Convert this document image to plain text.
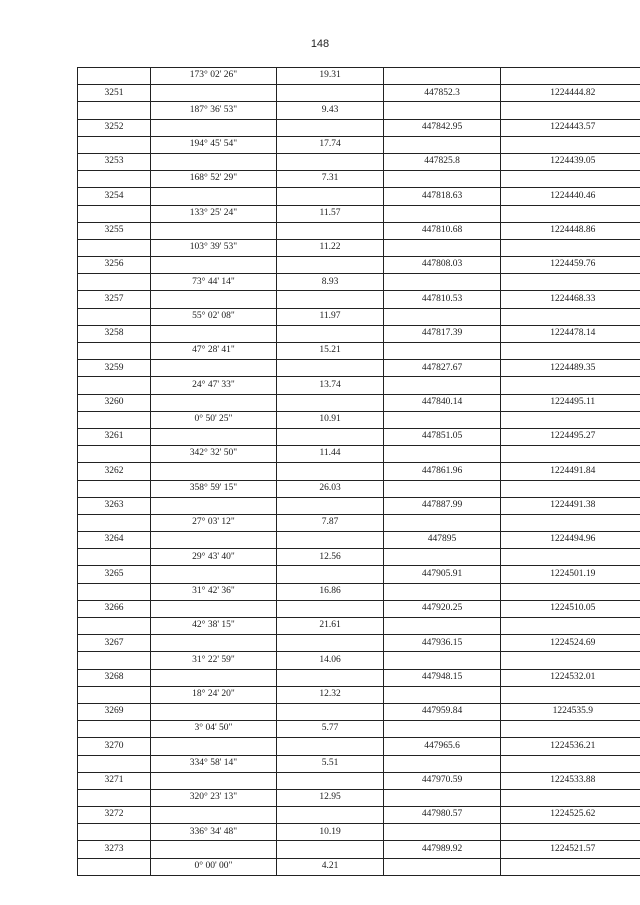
148
	173° 02' 26"	19.31		
3251			447852.3	1224444.82
	187° 36' 53"	9.43		
3252			447842.95	1224443.57
	194° 45' 54"	17.74		
3253			447825.8	1224439.05
	168° 52' 29"	7.31		
3254			447818.63	1224440.46
	133° 25' 24"	11.57		
3255			447810.68	1224448.86
	103° 39' 53"	11.22		
3256			447808.03	1224459.76
	73° 44' 14"	8.93		
3257			447810.53	1224468.33
	55° 02' 08"	11.97		
3258			447817.39	1224478.14
	47° 28' 41"	15.21		
3259			447827.67	1224489.35
	24° 47' 33"	13.74		
3260			447840.14	1224495.11
	0° 50' 25"	10.91		
3261			447851.05	1224495.27
	342° 32' 50"	11.44		
3262			447861.96	1224491.84
	358° 59' 15"	26.03		
3263			447887.99	1224491.38
	27° 03' 12"	7.87		
3264			447895	1224494.96
	29° 43' 40"	12.56		
3265			447905.91	1224501.19
	31° 42' 36"	16.86		
3266			447920.25	1224510.05
	42° 38' 15"	21.61		
3267			447936.15	1224524.69
	31° 22' 59"	14.06		
3268			447948.15	1224532.01
	18° 24' 20"	12.32		
3269			447959.84	1224535.9
	3° 04' 50"	5.77		
3270			447965.6	1224536.21
	334° 58' 14"	5.51		
3271			447970.59	1224533.88
	320° 23' 13"	12.95		
3272			447980.57	1224525.62
	336° 34' 48"	10.19		
3273			447989.92	1224521.57
	0° 00' 00"	4.21		
